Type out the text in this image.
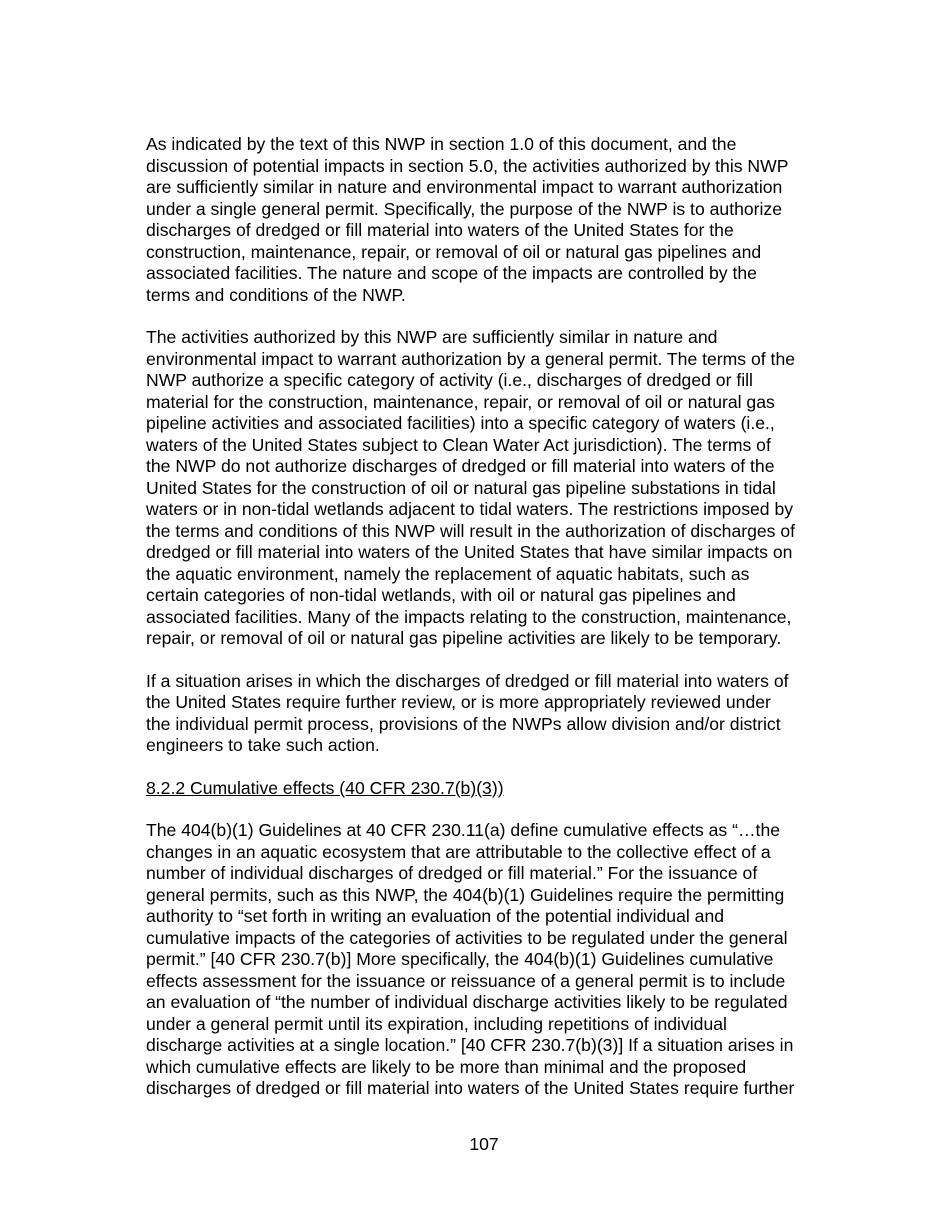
As indicated by the text of this NWP in section 1.0 of this document, and the
discussion of potential impacts in section 5.0, the activities authorized by this NWP
are sufficiently similar in nature and environmental impact to warrant authorization
under a single general permit. Specifically, the purpose of the NWP is to authorize
discharges of dredged or fill material into waters of the United States for the
construction, maintenance, repair, or removal of oil or natural gas pipelines and
associated facilities. The nature and scope of the impacts are controlled by the
terms and conditions of the NWP.

The activities authorized by this NWP are sufficiently similar in nature and
environmental impact to warrant authorization by a general permit. The terms of the
NWP authorize a specific category of activity (i.e., discharges of dredged or fill
material for the construction, maintenance, repair, or removal of oil or natural gas
pipeline activities and associated facilities) into a specific category of waters (i.e.,
waters of the United States subject to Clean Water Act jurisdiction). The terms of
the NWP do not authorize discharges of dredged or fill material into waters of the
United States for the construction of oil or natural gas pipeline substations in tidal
waters or in non-tidal wetlands adjacent to tidal waters. The restrictions imposed by
the terms and conditions of this NWP will result in the authorization of discharges of
dredged or fill material into waters of the United States that have similar impacts on
the aquatic environment, namely the replacement of aquatic habitats, such as
certain categories of non-tidal wetlands, with oil or natural gas pipelines and
associated facilities. Many of the impacts relating to the construction, maintenance,
repair, or removal of oil or natural gas pipeline activities are likely to be temporary.

If a situation arises in which the discharges of dredged or fill material into waters of
the United States require further review, or is more appropriately reviewed under
the individual permit process, provisions of the NWPs allow division and/or district
engineers to take such action.

8.2.2 Cumulative effects (40 CFR 230.7(b)(3))

The 404(b)(1) Guidelines at 40 CFR 230.11(a) define cumulative effects as “…the
changes in an aquatic ecosystem that are attributable to the collective effect of a
number of individual discharges of dredged or fill material.” For the issuance of
general permits, such as this NWP, the 404(b)(1) Guidelines require the permitting
authority to “set forth in writing an evaluation of the potential individual and
cumulative impacts of the categories of activities to be regulated under the general
permit.” [40 CFR 230.7(b)] More specifically, the 404(b)(1) Guidelines cumulative
effects assessment for the issuance or reissuance of a general permit is to include
an evaluation of “the number of individual discharge activities likely to be regulated
under a general permit until its expiration, including repetitions of individual
discharge activities at a single location.” [40 CFR 230.7(b)(3)] If a situation arises in
which cumulative effects are likely to be more than minimal and the proposed
discharges of dredged or fill material into waters of the United States require further

107
